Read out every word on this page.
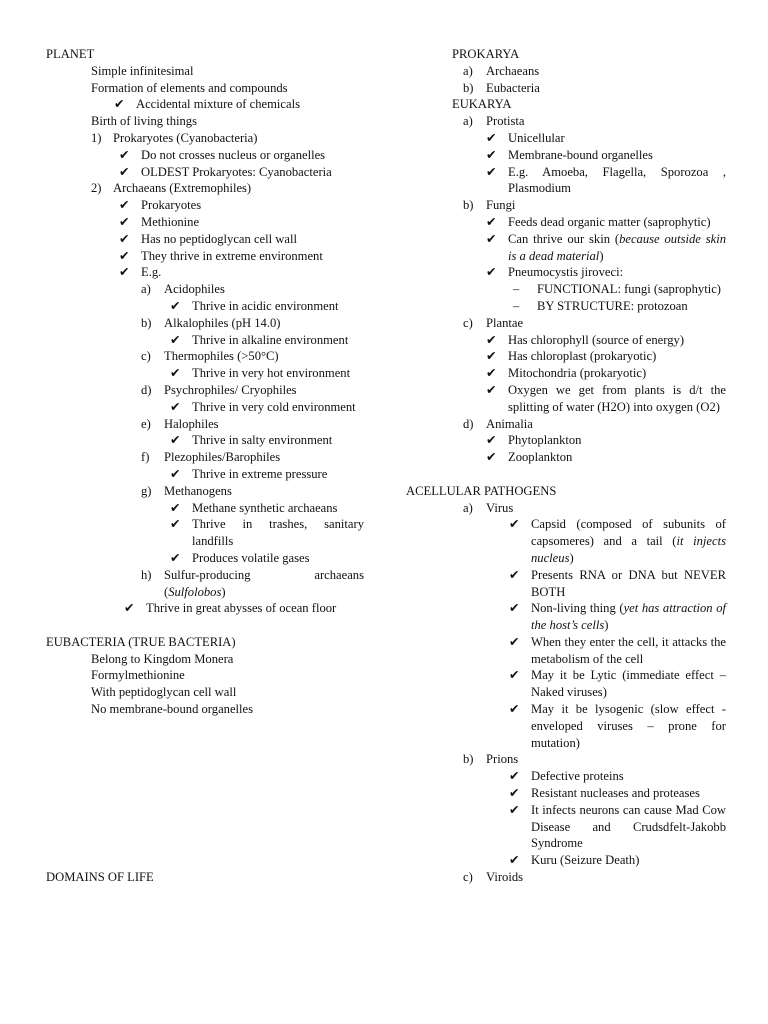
PLANET
Simple infinitesimal
Formation of elements and compounds
✔ Accidental mixture of chemicals
Birth of living things
1) Prokaryotes (Cyanobacteria)
✔ Do not crosses nucleus or organelles
✔ OLDEST Prokaryotes: Cyanobacteria
2) Archaeans (Extremophiles)
✔ Prokaryotes
✔ Methionine
✔ Has no peptidoglycan cell wall
✔ They thrive in extreme environment
✔ E.g.
a) Acidophiles
✔ Thrive in acidic environment
b) Alkalophiles (pH 14.0)
✔ Thrive in alkaline environment
c) Thermophiles (>50°C)
✔ Thrive in very hot environment
d) Psychrophiles/ Cryophiles
✔ Thrive in very cold environment
e) Halophiles
✔ Thrive in salty environment
f) Plezophiles/Barophiles
✔ Thrive in extreme pressure
g) Methanogens
✔ Methane synthetic archaeans
✔ Thrive in trashes, sanitary landfills
✔ Produces volatile gases
h) Sulfur-producing archaeans (Sulfolobos)
✔ Thrive in great abysses of ocean floor
EUBACTERIA (TRUE BACTERIA)
Belong to Kingdom Monera
Formylmethionine
With peptidoglycan cell wall
No membrane-bound organelles
DOMAINS OF LIFE
PROKARYA
a) Archaeans
b) Eubacteria
EUKARYA
a) Protista
✔ Unicellular
✔ Membrane-bound organelles
✔ E.g. Amoeba, Flagella, Sporozoa , Plasmodium
b) Fungi
✔ Feeds dead organic matter (saprophytic)
✔ Can thrive our skin (because outside skin is a dead material)
✔ Pneumocystis jiroveci:
– FUNCTIONAL: fungi (saprophytic)
– BY STRUCTURE: protozoan
c) Plantae
✔ Has chlorophyll (source of energy)
✔ Has chloroplast (prokaryotic)
✔ Mitochondria (prokaryotic)
✔ Oxygen we get from plants is d/t the splitting of water (H2O) into oxygen (O2)
d) Animalia
✔ Phytoplankton
✔ Zooplankton
ACELLULAR PATHOGENS
a) Virus
✔ Capsid (composed of subunits of capsomeres) and a tail (it injects nucleus)
✔ Presents RNA or DNA but NEVER BOTH
✔ Non-living thing (yet has attraction of the host’s cells)
✔ When they enter the cell, it attacks the metabolism of the cell
✔ May it be Lytic (immediate effect – Naked viruses)
✔ May it be lysogenic (slow effect -enveloped viruses – prone for mutation)
b) Prions
✔ Defective proteins
✔ Resistant nucleases and proteases
✔ It infects neurons can cause Mad Cow Disease and Crudsdfelt-Jakobb Syndrome
✔ Kuru (Seizure Death)
c) Viroids
